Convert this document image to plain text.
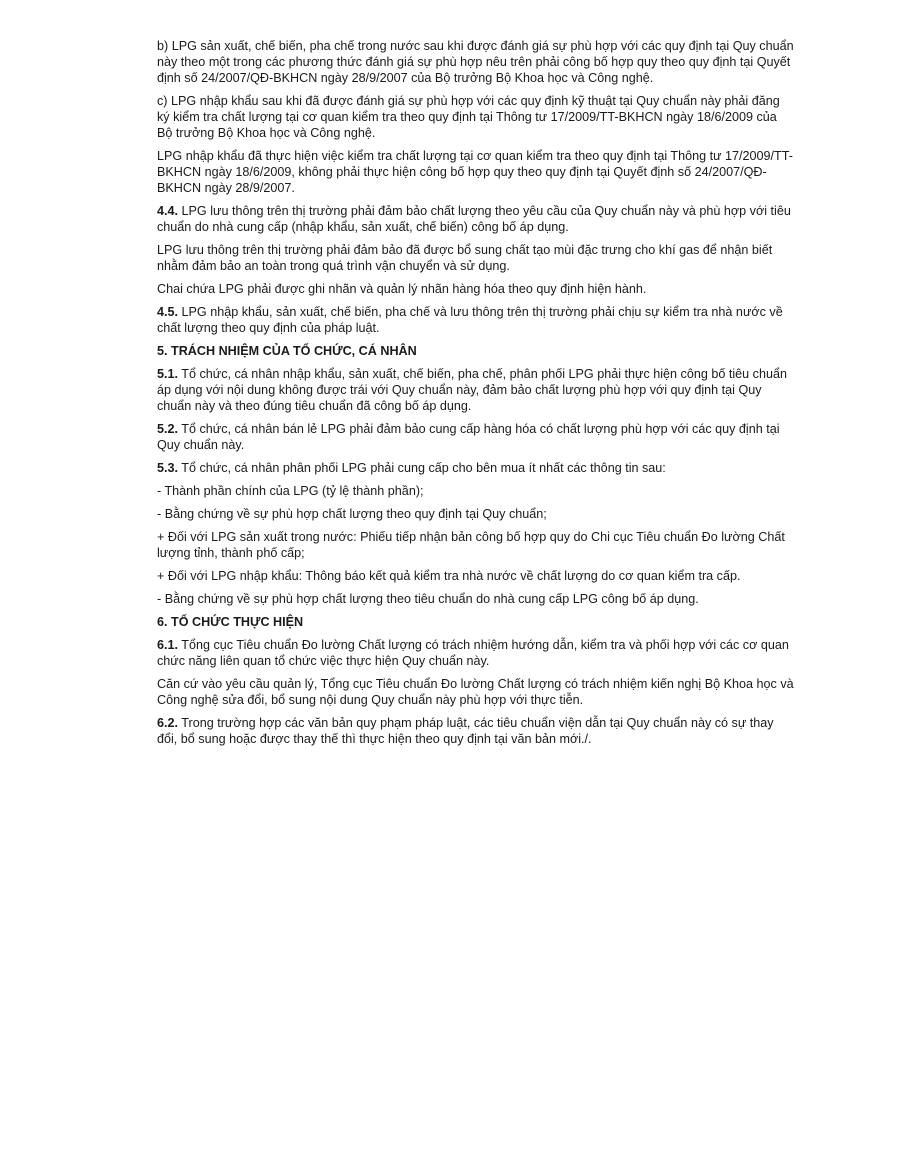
b) LPG sản xuất, chế biến, pha chế trong nước sau khi được đánh giá sự phù hợp với các quy định tại Quy chuẩn này theo một trong các phương thức đánh giá sự phù hợp nêu trên phải công bố hợp quy theo quy định tại Quyết định số 24/2007/QĐ-BKHCN ngày 28/9/2007 của Bộ trưởng Bộ Khoa học và Công nghệ.

c) LPG nhập khẩu sau khi đã được đánh giá sự phù hợp với các quy định kỹ thuật tại Quy chuẩn này phải đăng ký kiểm tra chất lượng tại cơ quan kiểm tra theo quy định tại Thông tư 17/2009/TT-BKHCN ngày 18/6/2009 của Bộ trưởng Bộ Khoa học và Công nghệ.

LPG nhập khẩu đã thực hiện việc kiểm tra chất lượng tại cơ quan kiểm tra theo quy định tại Thông tư 17/2009/TT-BKHCN ngày 18/6/2009, không phải thực hiện công bố hợp quy theo quy định tại Quyết định số 24/2007/QĐ-BKHCN ngày 28/9/2007.

4.4. LPG lưu thông trên thị trường phải đảm bảo chất lượng theo yêu cầu của Quy chuẩn này và phù hợp với tiêu chuẩn do nhà cung cấp (nhập khẩu, sản xuất, chế biến) công bố áp dụng.

LPG lưu thông trên thị trường phải đảm bảo đã được bổ sung chất tạo mùi đặc trưng cho khí gas để nhận biết nhằm đảm bảo an toàn trong quá trình vận chuyển và sử dụng.

Chai chứa LPG phải được ghi nhãn và quản lý nhãn hàng hóa theo quy định hiện hành.

4.5. LPG nhập khẩu, sản xuất, chế biến, pha chế và lưu thông trên thị trường phải chịu sự kiểm tra nhà nước về chất lượng theo quy định của pháp luật.

5. TRÁCH NHIỆM CỦA TỔ CHỨC, CÁ NHÂN

5.1. Tổ chức, cá nhân nhập khẩu, sản xuất, chế biến, pha chế, phân phối LPG phải thực hiện công bố tiêu chuẩn áp dụng với nội dung không được trái với Quy chuẩn này, đảm bảo chất lượng phù hợp với quy định tại Quy chuẩn này và theo đúng tiêu chuẩn đã công bố áp dụng.

5.2. Tổ chức, cá nhân bán lẻ LPG phải đảm bảo cung cấp hàng hóa có chất lượng phù hợp với các quy định tại Quy chuẩn này.

5.3. Tổ chức, cá nhân phân phối LPG phải cung cấp cho bên mua ít nhất các thông tin sau:

- Thành phần chính của LPG (tỷ lệ thành phần);

- Bằng chứng về sự phù hợp chất lượng theo quy định tại Quy chuẩn;

+ Đối với LPG sản xuất trong nước: Phiếu tiếp nhận bản công bố hợp quy do Chi cục Tiêu chuẩn Đo lường Chất lượng tỉnh, thành phố cấp;

+ Đối với LPG nhập khẩu: Thông báo kết quả kiểm tra nhà nước về chất lượng do cơ quan kiểm tra cấp.

- Bằng chứng về sự phù hợp chất lượng theo tiêu chuẩn do nhà cung cấp LPG công bố áp dụng.

6. TỔ CHỨC THỰC HIỆN

6.1. Tổng cục Tiêu chuẩn Đo lường Chất lượng có trách nhiệm hướng dẫn, kiểm tra và phối hợp với các cơ quan chức năng liên quan tổ chức việc thực hiện Quy chuẩn này.

Căn cứ vào yêu cầu quản lý, Tổng cục Tiêu chuẩn Đo lường Chất lượng có trách nhiệm kiến nghị Bộ Khoa học và Công nghệ sửa đổi, bổ sung nội dung Quy chuẩn này phù hợp với thực tiễn.

6.2. Trong trường hợp các văn bản quy phạm pháp luật, các tiêu chuẩn viện dẫn tại Quy chuẩn này có sự thay đổi, bổ sung hoặc được thay thế thì thực hiện theo quy định tại văn bản mới./.
